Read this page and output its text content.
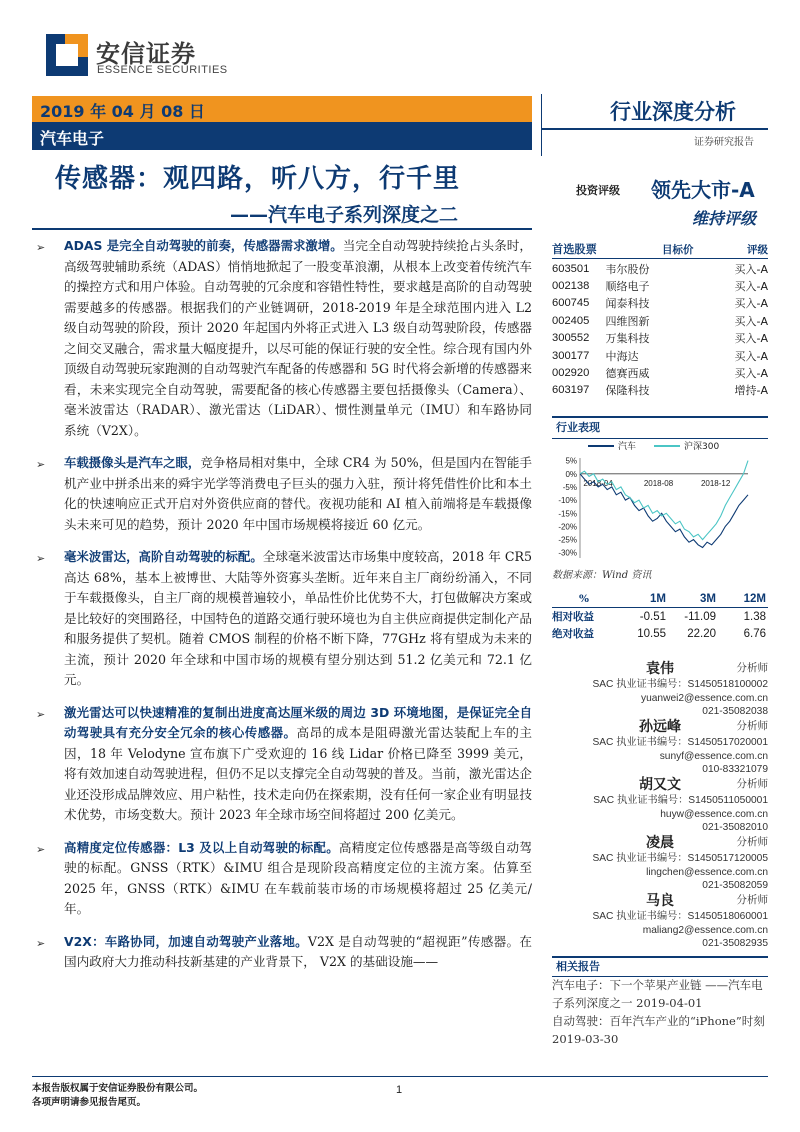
安信证券
ESSENCE SECURITIES
2019 年 04 月 08 日
汽车电子
行业深度分析
证券研究报告
传感器：观四路，听八方，行千里
——汽车电子系列深度之二
投资评级 领先大市-A
维持评级

➢ ADAS 是完全自动驾驶的前奏，传感器需求激增。当完全自动驾驶持续抢占头条时，高级驾驶辅助系统（ADAS）悄悄地掀起了一股变革浪潮，从根本上改变着传统汽车的操控方式和用户体验。自动驾驶的冗余度和容错性特性，要求越是高阶的自动驾驶需要越多的传感器。根据我们的产业链调研，2018-2019 年是全球范围内进入 L2 级自动驾驶的阶段，预计 2020 年起国内外将正式进入 L3 级自动驾驶阶段，传感器之间交叉融合，需求量大幅度提升，以尽可能的保证行驶的安全性。综合现有国内外顶级自动驾驶玩家跑测的自动驾驶汽车配备的传感器和 5G 时代将会新增的传感器来看，未来实现完全自动驾驶，需要配备的核心传感器主要包括摄像头（Camera）、毫米波雷达（RADAR）、激光雷达（LiDAR）、惯性测量单元（IMU）和车路协同系统（V2X）。

➢ 车载摄像头是汽车之眼，竞争格局相对集中，全球 CR4 为 50%，但是国内在智能手机产业中拼杀出来的舜宇光学等消费电子巨头的强力入驻，预计将凭借性价比和本土化的快速响应正式开启对外资供应商的替代。夜视功能和 AI 植入前端将是车载摄像头未来可见的趋势，预计 2020 年中国市场规模将接近 60 亿元。

➢ 毫米波雷达，高阶自动驾驶的标配。全球毫米波雷达市场集中度较高，2018 年 CR5 高达 68%，基本上被博世、大陆等外资寡头垄断。近年来自主厂商纷纷涌入，不同于车载摄像头，自主厂商的规模普遍较小，单品性价比优势不大，打包做解决方案或是比较好的突围路径，中国特色的道路交通行驶环境也为自主供应商提供定制化产品和服务提供了契机。随着 CMOS 制程的价格不断下降，77GHz 将有望成为未来的主流，预计 2020 年全球和中国市场的规模有望分别达到 51.2 亿美元和 72.1 亿元。

➢ 激光雷达可以快速精准的复制出进度高达厘米级的周边 3D 环境地图，是保证完全自动驾驶具有充分安全冗余的核心传感器。高昂的成本是阻碍激光雷达装配上车的主因，18 年 Velodyne 宣布旗下广受欢迎的 16 线 Lidar 价格已降至 3999 美元，将有效加速自动驾驶进程，但仍不足以支撑完全自动驾驶的普及。当前，激光雷达企业还没形成品牌效应、用户粘性，技术走向仍在探索期，没有任何一家企业有明显技术优势，市场变数大。预计 2023 年全球市场空间将超过 200 亿美元。

➢ 高精度定位传感器：L3 及以上自动驾驶的标配。高精度定位传感器是高等级自动驾驶的标配。GNSS（RTK）&IMU 组合是现阶段高精度定位的主流方案。估算至 2025 年，GNSS（RTK）&IMU 在车载前装市场的市场规模将超过 25 亿美元/年。

➢ V2X：车路协同，加速自动驾驶产业落地。V2X 是自动驾驶的“超视距”传感器。在国内政府大力推动科技新基建的产业背景下， V2X 的基础设施——

首选股票	目标价	评级
603501	韦尔股份	买入-A
002138	顺络电子	买入-A
600745	闻泰科技	买入-A
002405	四维图新	买入-A
300552	万集科技	买入-A
300177	中海达	买入-A
002920	德赛西威	买入-A
603197	保隆科技	增持-A
行业表现
汽车	沪深300
5%
0%
-5%
-10%
-15%
-20%
-25%
-30%
2018-04	2018-08	2018-12
数据来源：Wind 资讯
%	1M	3M	12M
相对收益	-0.51	-11.09	1.38
绝对收益	10.55	22.20	6.76
袁伟	分析师
SAC 执业证书编号：S1450518100002
yuanwei2@essence.com.cn
021-35082038
孙远峰	分析师
SAC 执业证书编号：S1450517020001
sunyf@essence.com.cn
010-83321079
胡又文	分析师
SAC 执业证书编号：S1450511050001
huyw@essence.com.cn
021-35082010
凌晨	分析师
SAC 执业证书编号：S1450517120005
lingchen@essence.com.cn
021-35082059
马良	分析师
SAC 执业证书编号：S1450518060001
maliang2@essence.com.cn
021-35082935
相关报告
汽车电子：下一个苹果产业链 ——汽车电子系列深度之一 2019-04-01
自动驾驶：百年汽车产业的“iPhone”时刻 2019-03-30
本报告版权属于安信证券股份有限公司。
各项声明请参见报告尾页。
1
